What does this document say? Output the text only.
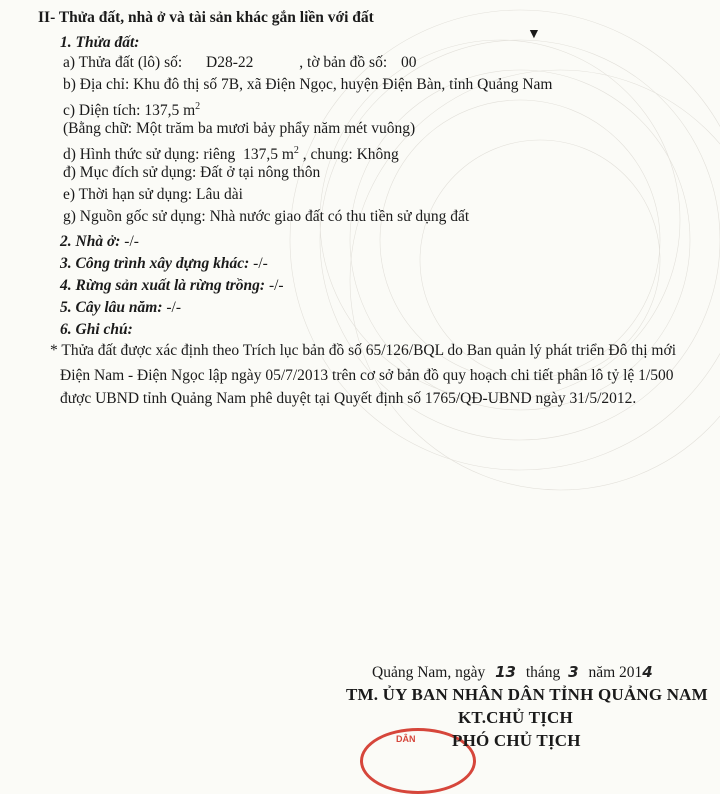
II- Thửa đất, nhà ở và tài sản khác gắn liền với đất
▼
1. Thửa đất:
a) Thửa đất (lô) số: D28-22	, tờ bản đồ số: 00
b) Địa chỉ: Khu đô thị số 7B, xã Điện Ngọc, huyện Điện Bàn, tỉnh Quảng Nam
c) Diện tích: 137,5 $m^2$
(Bằng chữ: Một trăm ba mươi bảy phẩy năm mét vuông)
d) Hình thức sử dụng: riêng 137,5 $m^2$ , chung: Không
đ) Mục đích sử dụng: Đất ở tại nông thôn
e) Thời hạn sử dụng: Lâu dài
g) Nguồn gốc sử dụng: Nhà nước giao đất có thu tiền sử dụng đất
2. Nhà ở: -/-
3. Công trình xây dựng khác: -/-
4. Rừng sản xuất là rừng trồng: -/-
5. Cây lâu năm: -/-
6. Ghi chú:
* Thửa đất được xác định theo Trích lục bản đồ số 65/126/BQL do Ban quản lý phát triển Đô thị mới
Điện Nam - Điện Ngọc lập ngày 05/7/2013 trên cơ sở bản đồ quy hoạch chi tiết phân lô tỷ lệ 1/500
được UBND tỉnh Quảng Nam phê duyệt tại Quyết định số 1765/QĐ-UBND ngày 31/5/2012.
Quảng Nam, ngày 13 tháng 3 năm 2014
TM. ỦY BAN NHÂN DÂN TỈNH QUẢNG NAM
KT.CHỦ TỊCH
DÂN PHÓ CHỦ TỊCH
